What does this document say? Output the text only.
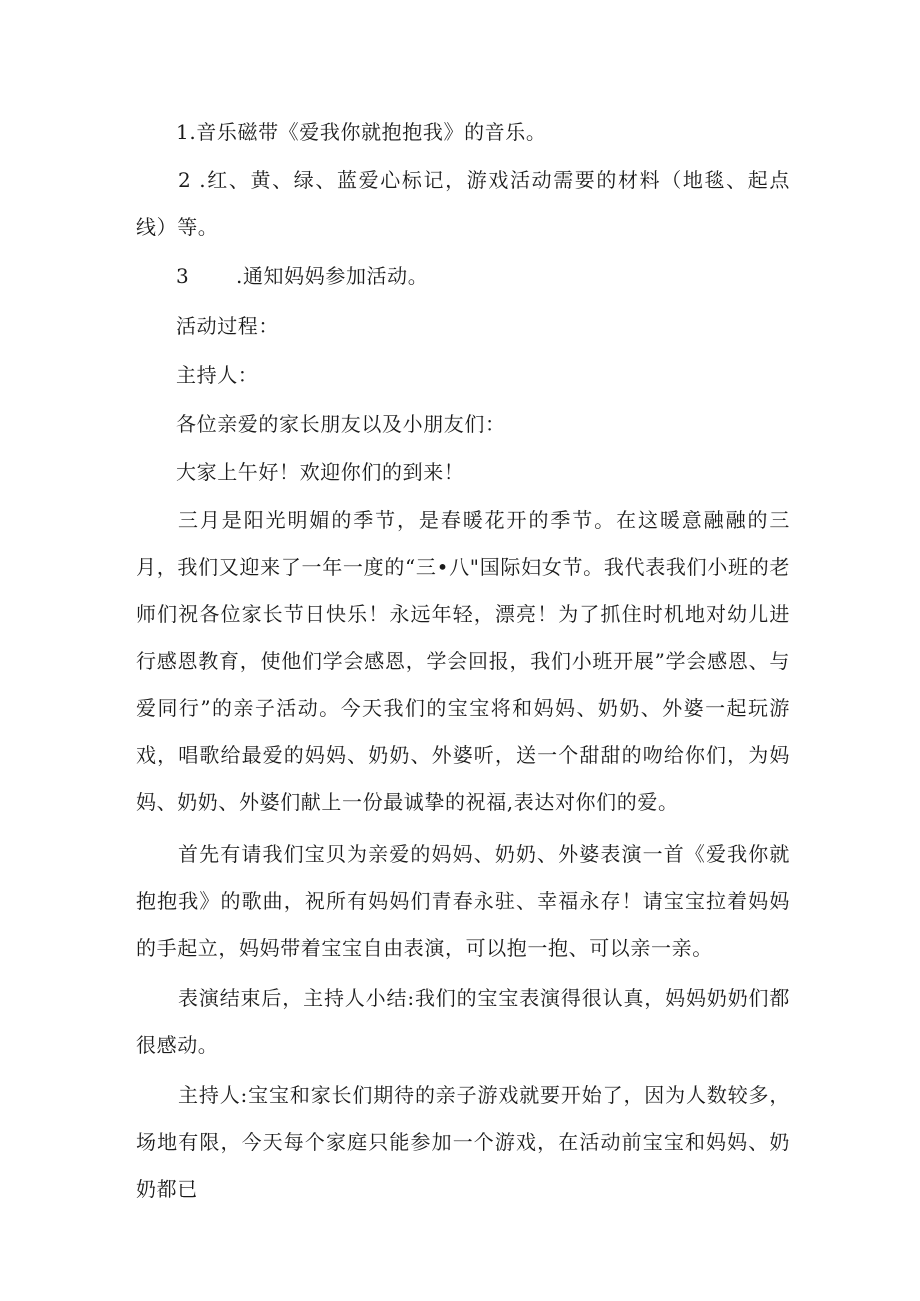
1.音乐磁带《爱我你就抱抱我》的音乐。
2 .红、黄、绿、蓝爱心标记，游戏活动需要的材料（地毯、起点线）等。
3 .通知妈妈参加活动。
活动过程：
主持人：
各位亲爱的家长朋友以及小朋友们：
大家上午好！欢迎你们的到来！
三月是阳光明媚的季节，是春暖花开的季节。在这暖意融融的三月，我们又迎来了一年一度的“三•八"国际妇女节。我代表我们小班的老师们祝各位家长节日快乐！永远年轻，漂亮！为了抓住时机地对幼儿进行感恩教育，使他们学会感恩，学会回报，我们小班开展”学会感恩、与爱同行”的亲子活动。今天我们的宝宝将和妈妈、奶奶、外婆一起玩游戏，唱歌给最爱的妈妈、奶奶、外婆听，送一个甜甜的吻给你们，为妈妈、奶奶、外婆们献上一份最诚挚的祝福,表达对你们的爱。
首先有请我们宝贝为亲爱的妈妈、奶奶、外婆表演一首《爱我你就抱抱我》的歌曲，祝所有妈妈们青春永驻、幸福永存！请宝宝拉着妈妈的手起立，妈妈带着宝宝自由表演，可以抱一抱、可以亲一亲。
表演结束后，主持人小结:我们的宝宝表演得很认真，妈妈奶奶们都很感动。
主持人:宝宝和家长们期待的亲子游戏就要开始了，因为人数较多，场地有限，今天每个家庭只能参加一个游戏，在活动前宝宝和妈妈、奶奶都已
